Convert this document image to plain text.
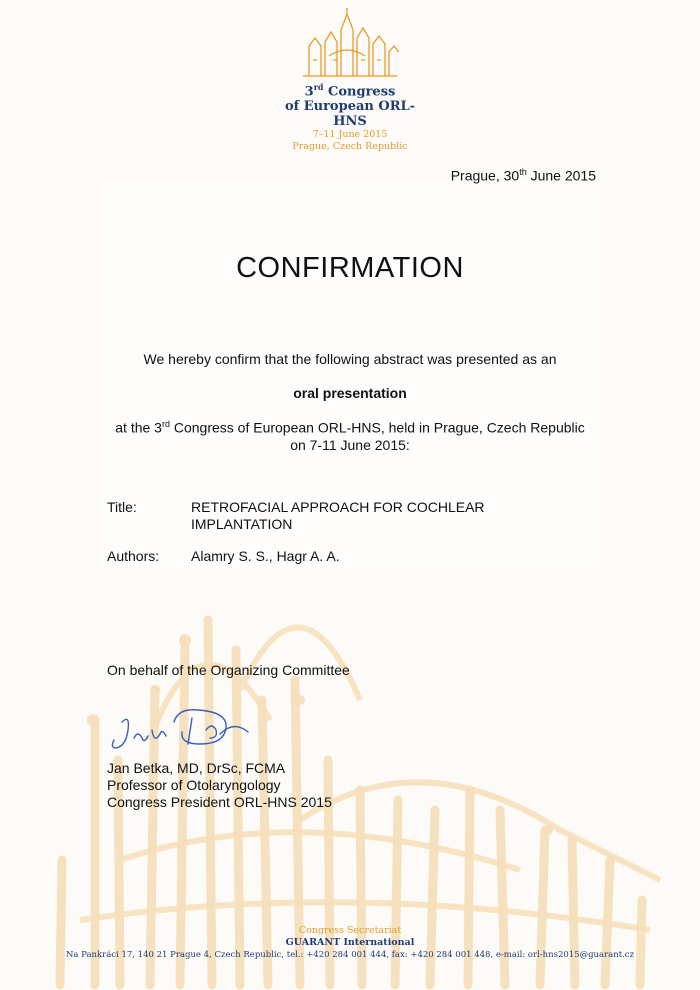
3rd Congress
of European ORL-HNS
7–11 June 2015
Prague, Czech Republic
Prague, 30th June 2015
CONFIRMATION
We hereby confirm that the following abstract was presented as an
oral presentation
at the 3rd Congress of European ORL-HNS, held in Prague, Czech Republic
on 7-11 June 2015:
Title:	RETROFACIAL APPROACH FOR COCHLEAR IMPLANTATION
Authors:	Alamry S. S., Hagr A. A.
On behalf of the Organizing Committee
Jan Betka, MD, DrSc, FCMA
Professor of Otolaryngology
Congress President ORL-HNS 2015
Congress Secretariat
GUARANT International
Na Pankráci 17, 140 21 Prague 4, Czech Republic, tel.: +420 284 001 444, fax: +420 284 001 448, e-mail: orl-hns2015@guarant.cz
